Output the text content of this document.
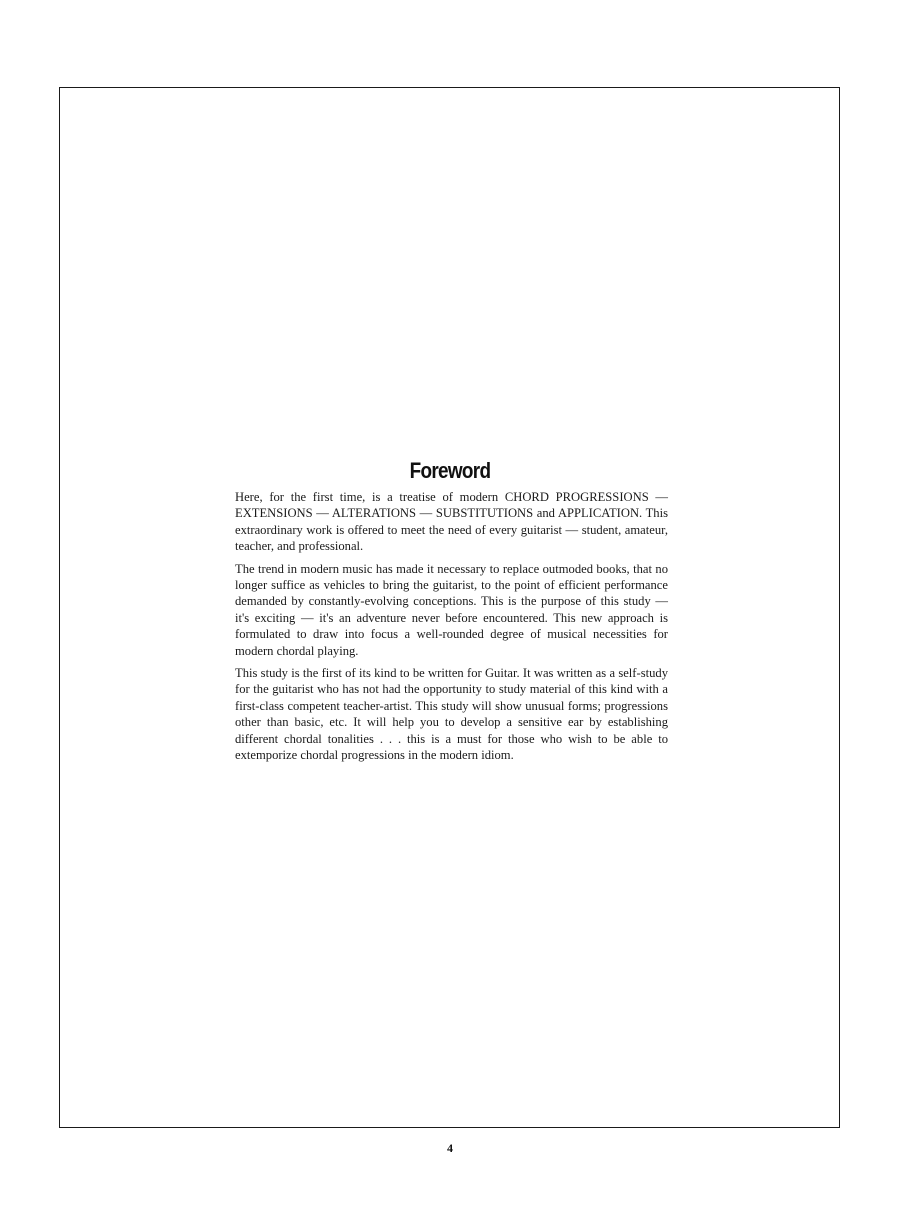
Foreword

Here, for the first time, is a treatise of modern CHORD PROGRESSIONS — EXTENSIONS — ALTERATIONS — SUBSTITUTIONS and APPLICATION. This extraordinary work is offered to meet the need of every guitarist — student, amateur, teacher, and professional.

The trend in modern music has made it necessary to replace outmoded books, that no longer suffice as vehicles to bring the guitarist, to the point of efficient performance demanded by constantly-evolving conceptions. This is the purpose of this study — it's exciting — it's an adventure never before encountered. This new approach is formulated to draw into focus a well-rounded degree of musical necessities for modern chordal playing.

This study is the first of its kind to be written for Guitar. It was written as a self-study for the guitarist who has not had the opportunity to study material of this kind with a first-class competent teacher-artist. This study will show unusual forms; progressions other than basic, etc. It will help you to develop a sensitive ear by establishing different chordal tonalities . . . this is a must for those who wish to be able to extemporize chordal progressions in the modern idiom.

4
